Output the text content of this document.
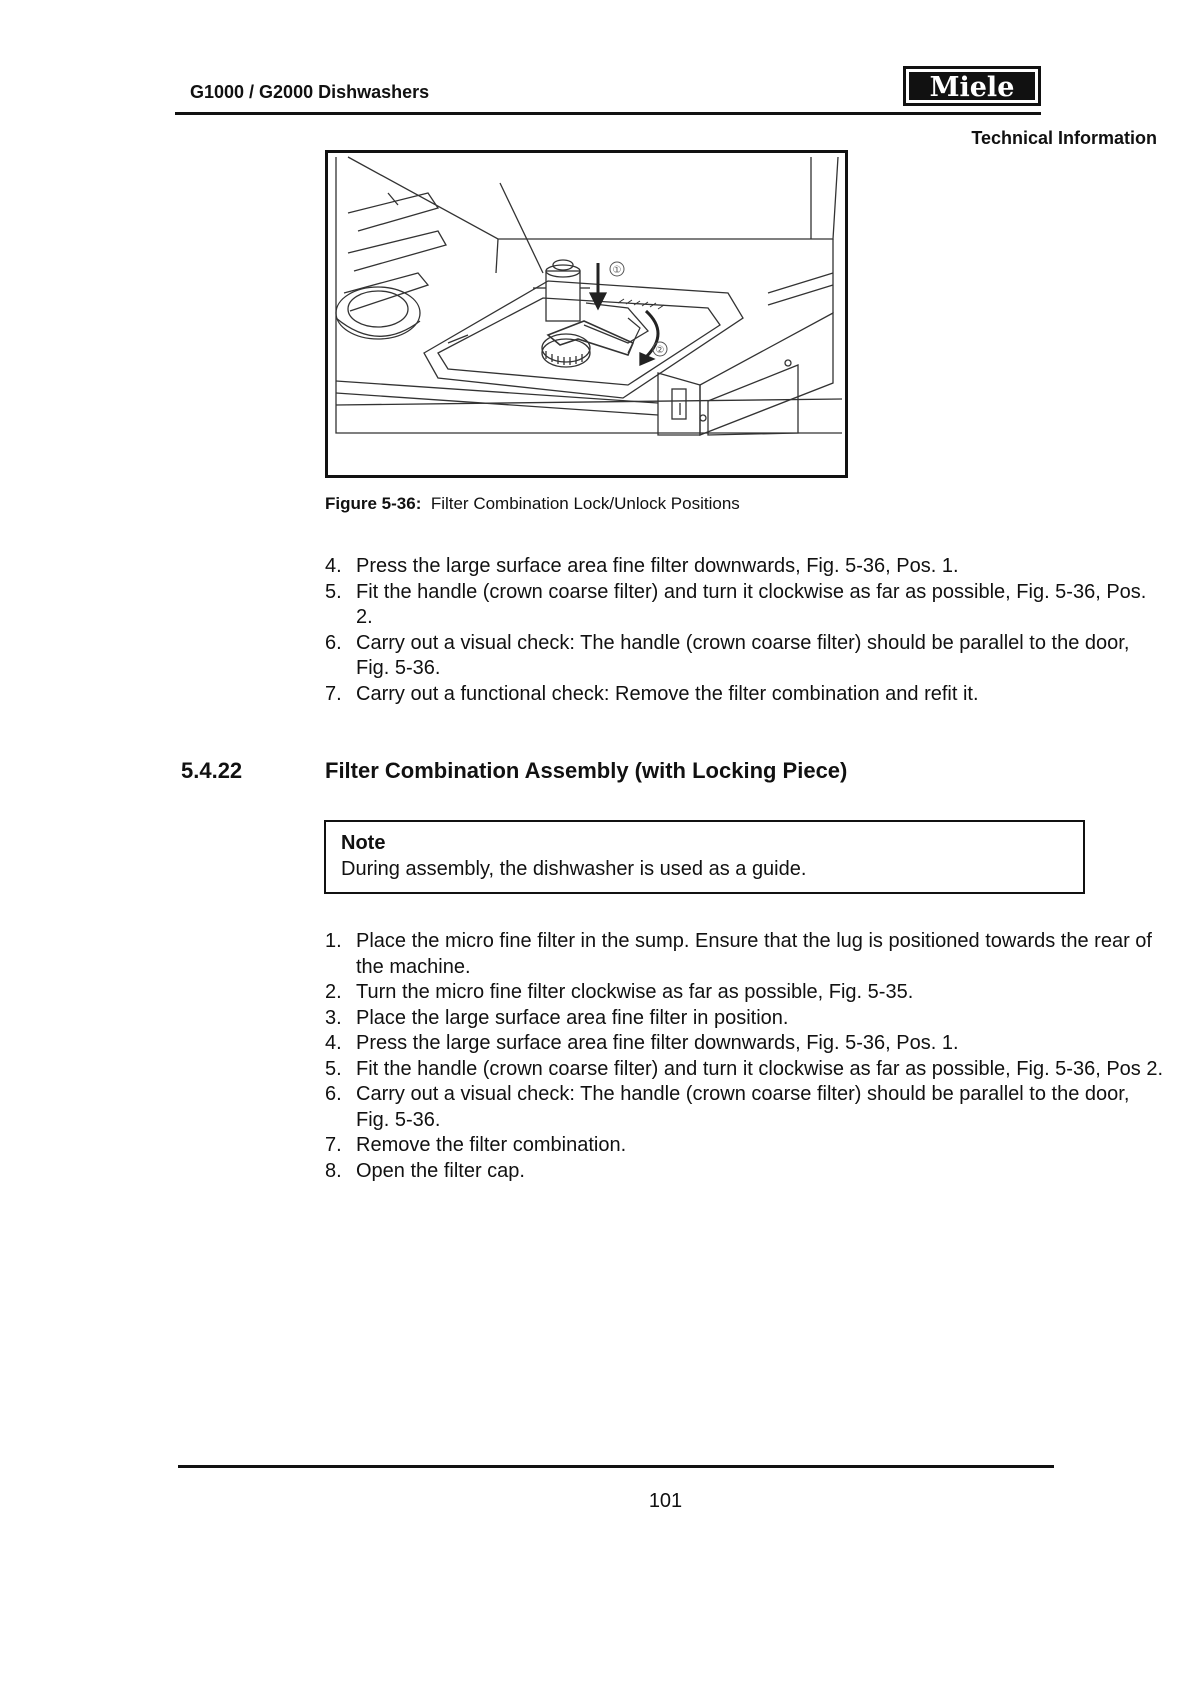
G1000 / G2000 Dishwashers	Miele
Technical Information
①
②
Figure 5-36: Filter Combination Lock/Unlock Positions
4. Press the large surface area fine filter downwards, Fig. 5-36, Pos. 1.
5. Fit the handle (crown coarse filter) and turn it clockwise as far as possible, Fig. 5-36, Pos. 2.
6. Carry out a visual check: The handle (crown coarse filter) should be parallel to the door, Fig. 5-36.
7. Carry out a functional check: Remove the filter combination and refit it.
5.4.22	Filter Combination Assembly (with Locking Piece)
Note
During assembly, the dishwasher is used as a guide.
1. Place the micro fine filter in the sump. Ensure that the lug is positioned towards the rear of the machine.
2. Turn the micro fine filter clockwise as far as possible, Fig. 5-35.
3. Place the large surface area fine filter in position.
4. Press the large surface area fine filter downwards, Fig. 5-36, Pos. 1.
5. Fit the handle (crown coarse filter) and turn it clockwise as far as possible, Fig. 5-36, Pos 2.
6. Carry out a visual check: The handle (crown coarse filter) should be parallel to the door, Fig. 5-36.
7. Remove the filter combination.
8. Open the filter cap.
101
